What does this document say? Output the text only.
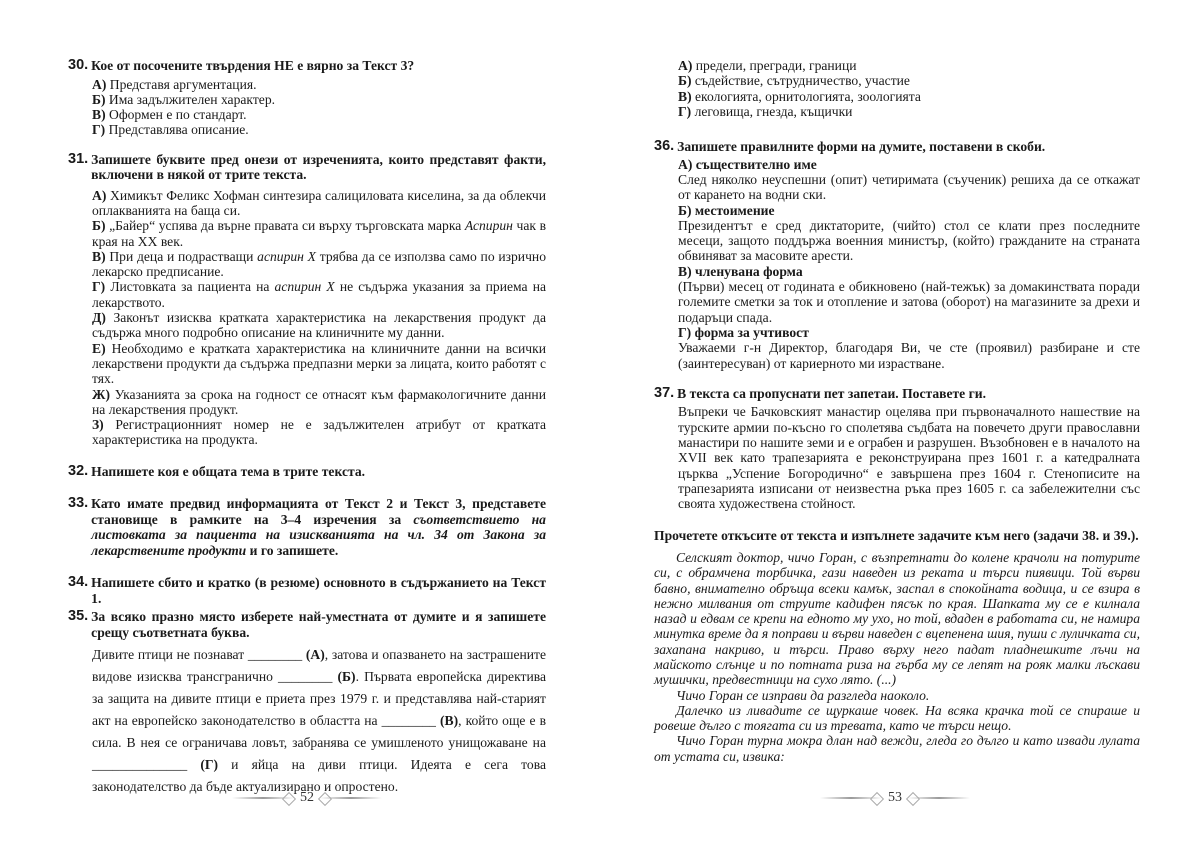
30. Кое от посочените твърдения НЕ е вярно за Текст 3?

А) Представя аргументация.

Б) Има задължителен характер.

В) Оформен е по стандарт.

Г) Представлява описание.

31. Запишете буквите пред онези от изреченията, които представят факти, включени в някой от трите текста.

А) Химикът Феликс Хофман синтезира салициловата киселина, за да облекчи оплакванията на баща си.

Б) „Байер“ успява да върне правата си върху търговската марка Аспирин чак в края на XX век.

В) При деца и подрастващи аспирин Х трябва да се използва само по изрично лекарско предписание.

Г) Листовката за пациента на аспирин Х не съдържа указания за приема на лекарството.

Д) Законът изисква кратката характеристика на лекарствения продукт да съдържа много подробно описание на клиничните му данни.

Е) Необходимо е кратката характеристика на клиничните данни на всички лекарствени продукти да съдържа предпазни мерки за лицата, които работят с тях.

Ж) Указанията за срока на годност се отнасят към фармакологичните данни на лекарствения продукт.

З) Регистрационният номер не е задължителен атрибут от кратката характеристика на продукта.

32. Напишете коя е общата тема в трите текста.
33. Като имате предвид информацията от Текст 2 и Текст 3, представете становище в рамките на 3–4 изречения за съответствието на листовката за пациента на изискванията на чл. 34 от Закона за лекарствените продукти и го запишете.
34. Напишете сбито и кратко (в резюме) основното в съдържанието на Текст 1.
35. За всяко празно място изберете най-уместната от думите и я запишете срещу съответната буква.
Дивите птици не познават ________ (А), затова и опазването на застрашените видове изисква трансгранично ________ (Б). Първата европейска директива за защита на дивите птици е приета през 1979 г. и представлява най-старият акт на европейско законодателство в областта на ________ (В), който още е в сила. В нея се ограничава ловът, забранява се умишленото унищожаване на ______________ (Г) и яйца на диви птици. Идеята е сега това законодателство да бъде актуализирано и опростено.
52

А) предели, прегради, граници

Б) съдействие, сътрудничество, участие

В) екологията, орнитологията, зоологията

Г) леговища, гнезда, къщички

36. Запишете правилните форми на думите, поставени в скоби.

А) съществително име

След няколко неуспешни (опит) четиримата (съученик) решиха да се откажат от карането на водни ски.

Б) местоимение

Президентът е сред диктаторите, (чийто) стол се клати през последните месеци, защото поддържа военния министър, (който) гражданите на страната обвиняват за масовите арести.

В) членувана форма

(Първи) месец от годината е обикновено (най-тежък) за домакинствата поради големите сметки за ток и отопление и затова (оборот) на магазините за дрехи и подаръци спада.

Г) форма за учтивост

Уважаеми г-н Директор, благодаря Ви, че сте (проявил) разбиране и сте (заинтересуван) от кариерното ми израстване.

37. В текста са пропуснати пет запетаи. Поставете ги.

Въпреки че Бачковският манастир оцелява при първоначалното нашествие на турските армии по-късно го сполетява съдбата на повечето други православни манастири по нашите земи и е ограбен и разрушен. Възобновен е в началото на XVII век като трапезарията е реконструирана през 1601 г. а катедралната църква „Успение Богородично“ е завършена през 1604 г. Стенописите на трапезарията изписани от неизвестна ръка през 1605 г. са забележителни със своята художествена стойност.

Прочетете откъсите от текста и изпълнете задачите към него (задачи 38. и 39.).

Селският доктор, чичо Горан, с възпретнати до колене крачоли на потурите си, с обрамчена торбичка, гази наведен из реката и търси пиявици. Той върви бавно, внимателно обръща всеки камък, заспал в спокойната водица, и се взира в нежно милвания от струите кадифен пясък по края. Шапката му се е килнала назад и едвам се крепи на едното му ухо, но той, вдаден в работата си, не намира минутка време да я поправи и върви наведен с вцепенена шия, пуши с луличката си, захапана накриво, и търси. Право върху него падат пладнешките лъчи на майското слънце и по потната риза на гърба му се лепят на рояк малки лъскави мушички, предвестници на сухо лято. (...)

Чичо Горан се изправи да разгледа наоколо.

Далечко из ливадите се щуркаше човек. На всяка крачка той се спираше и ровеше дълго с тоягата си из тревата, като че търси нещо.

Чичо Горан турна мокра длан над вежди, гледа го дълго и като извади лулата от устата си, извика:

53
